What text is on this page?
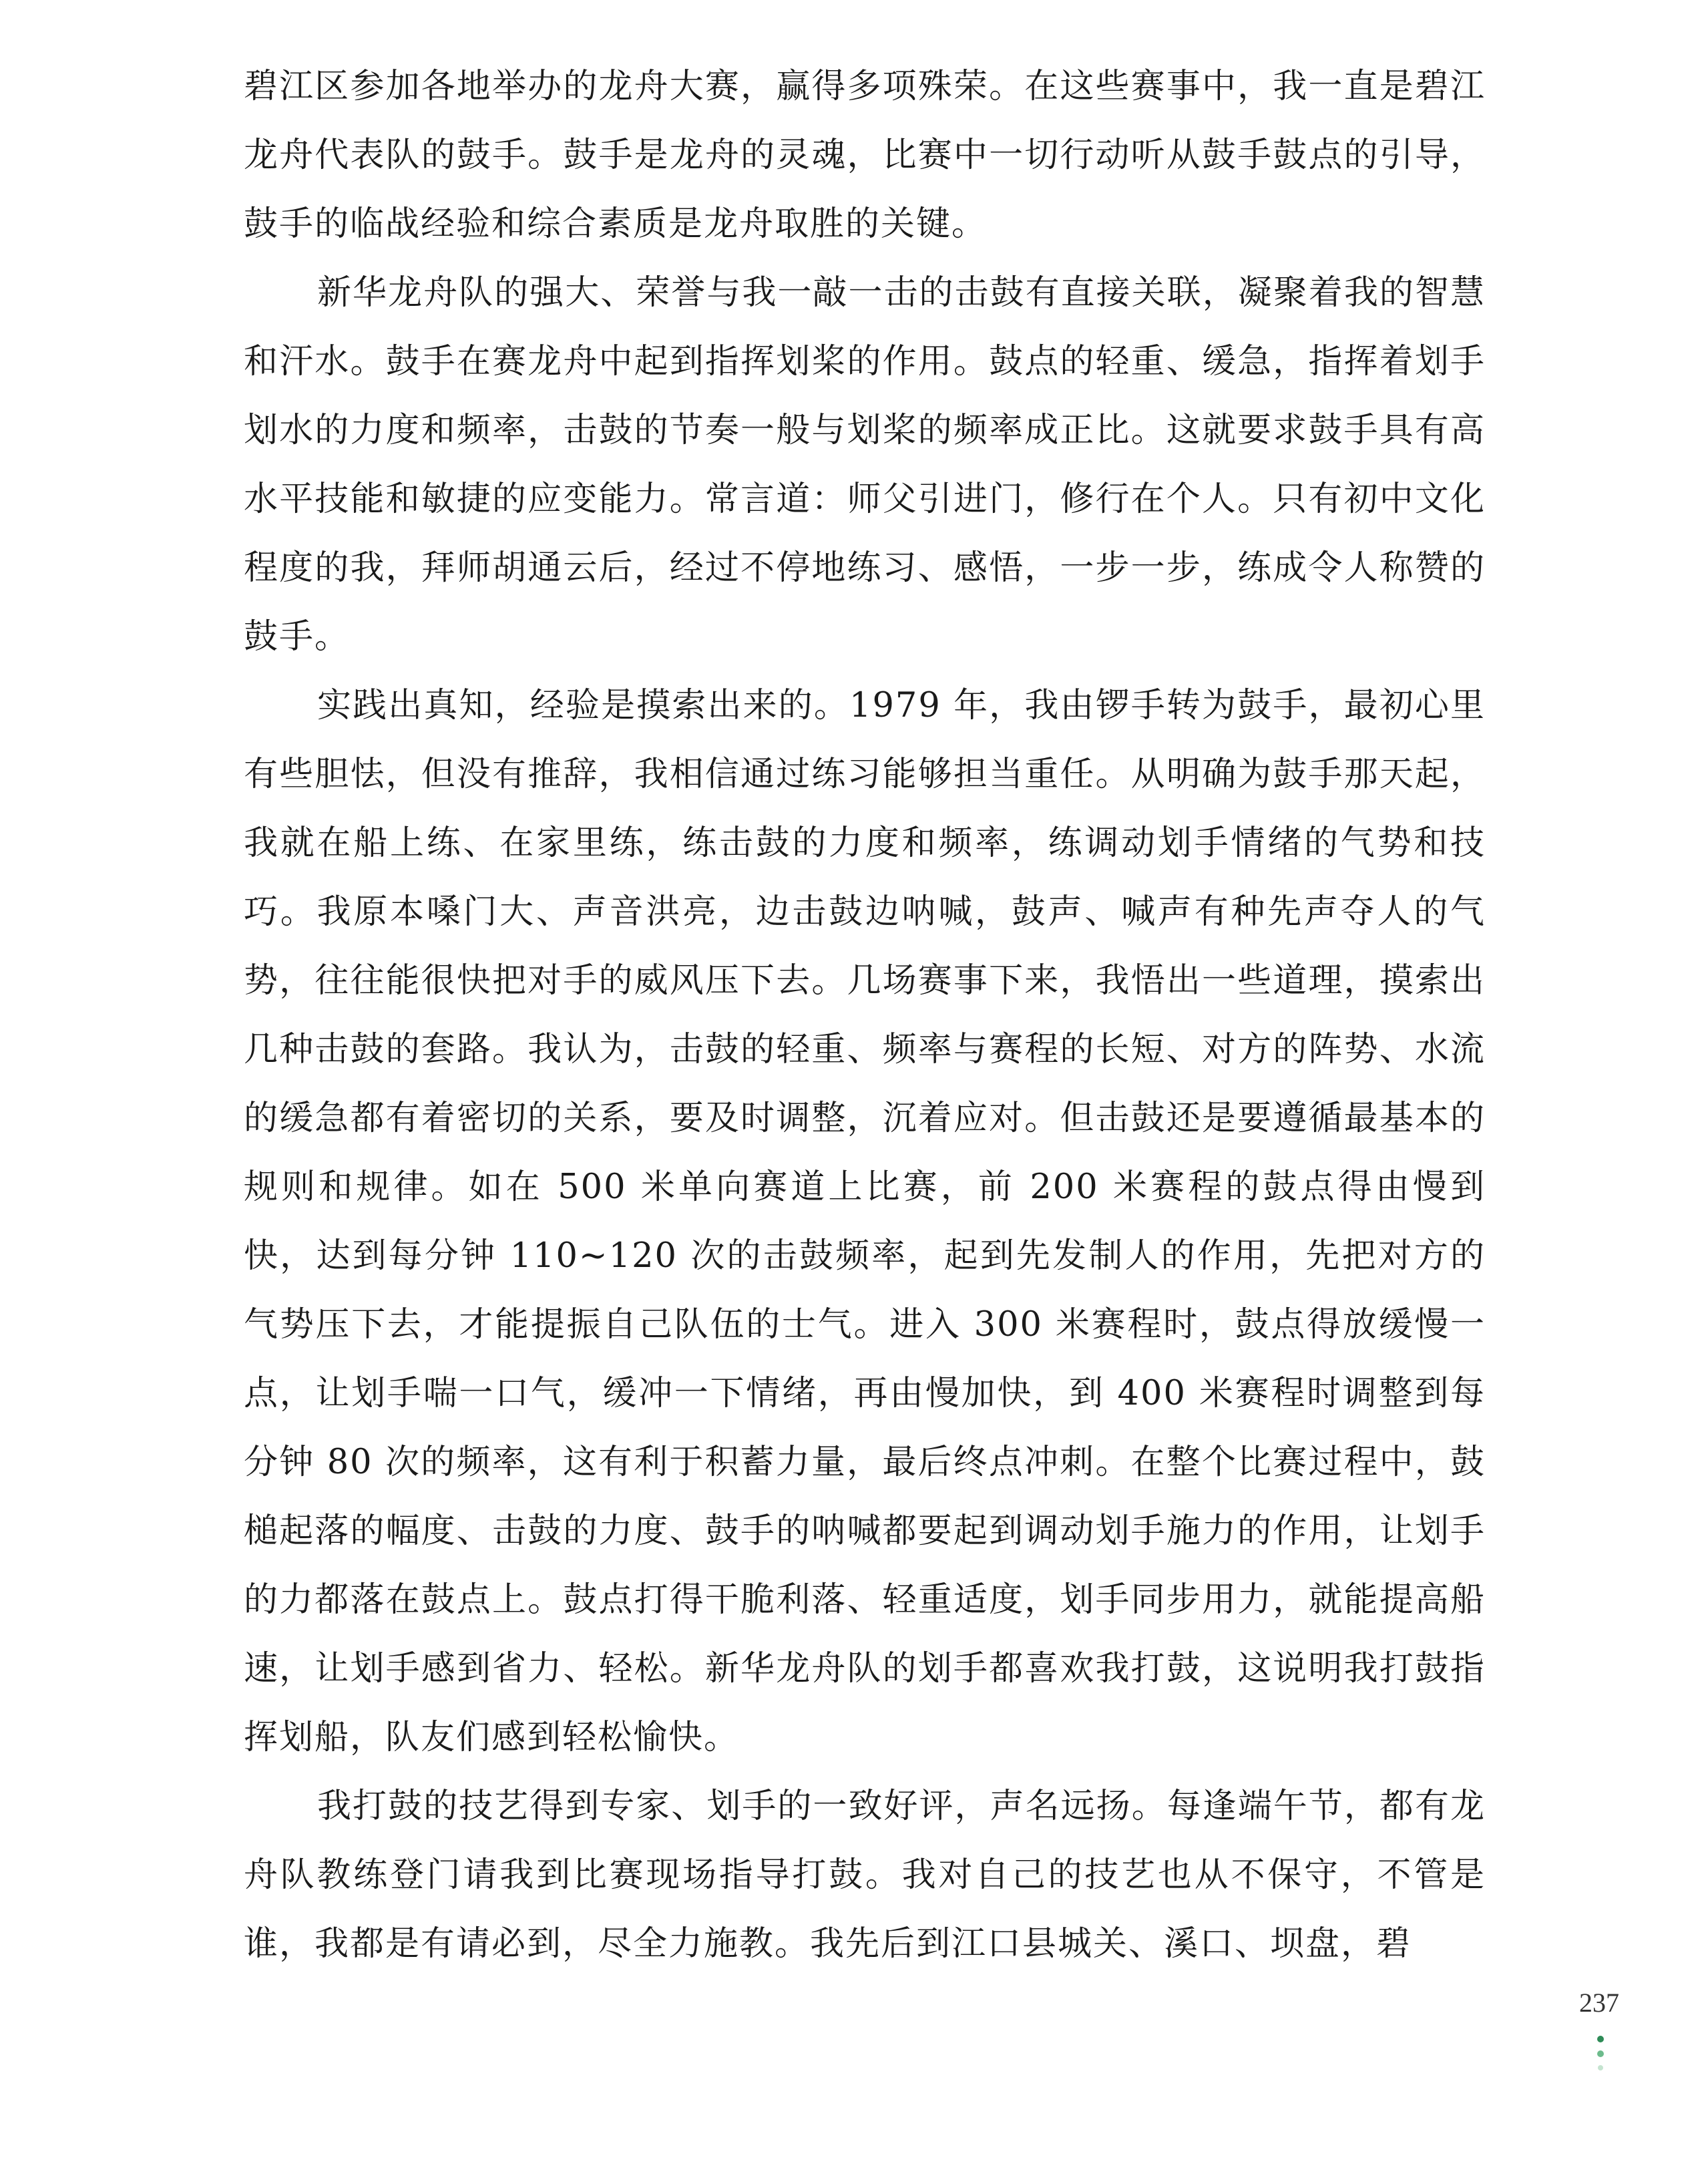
碧江区参加各地举办的龙舟大赛，赢得多项殊荣。在这些赛事中，我一直是碧江龙舟代表队的鼓手。鼓手是龙舟的灵魂，比赛中一切行动听从鼓手鼓点的引导，鼓手的临战经验和综合素质是龙舟取胜的关键。

新华龙舟队的强大、荣誉与我一敲一击的击鼓有直接关联，凝聚着我的智慧和汗水。鼓手在赛龙舟中起到指挥划桨的作用。鼓点的轻重、缓急，指挥着划手划水的力度和频率，击鼓的节奏一般与划桨的频率成正比。这就要求鼓手具有高水平技能和敏捷的应变能力。常言道：师父引进门，修行在个人。只有初中文化程度的我，拜师胡通云后，经过不停地练习、感悟，一步一步，练成令人称赞的鼓手。

实践出真知，经验是摸索出来的。1979 年，我由锣手转为鼓手，最初心里有些胆怯，但没有推辞，我相信通过练习能够担当重任。从明确为鼓手那天起，我就在船上练、在家里练，练击鼓的力度和频率，练调动划手情绪的气势和技巧。我原本嗓门大、声音洪亮，边击鼓边呐喊，鼓声、喊声有种先声夺人的气势，往往能很快把对手的威风压下去。几场赛事下来，我悟出一些道理，摸索出几种击鼓的套路。我认为，击鼓的轻重、频率与赛程的长短、对方的阵势、水流的缓急都有着密切的关系，要及时调整，沉着应对。但击鼓还是要遵循最基本的规则和规律。如在 500 米单向赛道上比赛，前 200 米赛程的鼓点得由慢到快，达到每分钟 110~120 次的击鼓频率，起到先发制人的作用，先把对方的气势压下去，才能提振自己队伍的士气。进入 300 米赛程时，鼓点得放缓慢一点，让划手喘一口气，缓冲一下情绪，再由慢加快，到 400 米赛程时调整到每分钟 80 次的频率，这有利于积蓄力量，最后终点冲刺。在整个比赛过程中，鼓槌起落的幅度、击鼓的力度、鼓手的呐喊都要起到调动划手施力的作用，让划手的力都落在鼓点上。鼓点打得干脆利落、轻重适度，划手同步用力，就能提高船速，让划手感到省力、轻松。新华龙舟队的划手都喜欢我打鼓，这说明我打鼓指挥划船，队友们感到轻松愉快。

我打鼓的技艺得到专家、划手的一致好评，声名远扬。每逢端午节，都有龙舟队教练登门请我到比赛现场指导打鼓。我对自己的技艺也从不保守，不管是谁，我都是有请必到，尽全力施教。我先后到江口县城关、溪口、坝盘，碧

237
